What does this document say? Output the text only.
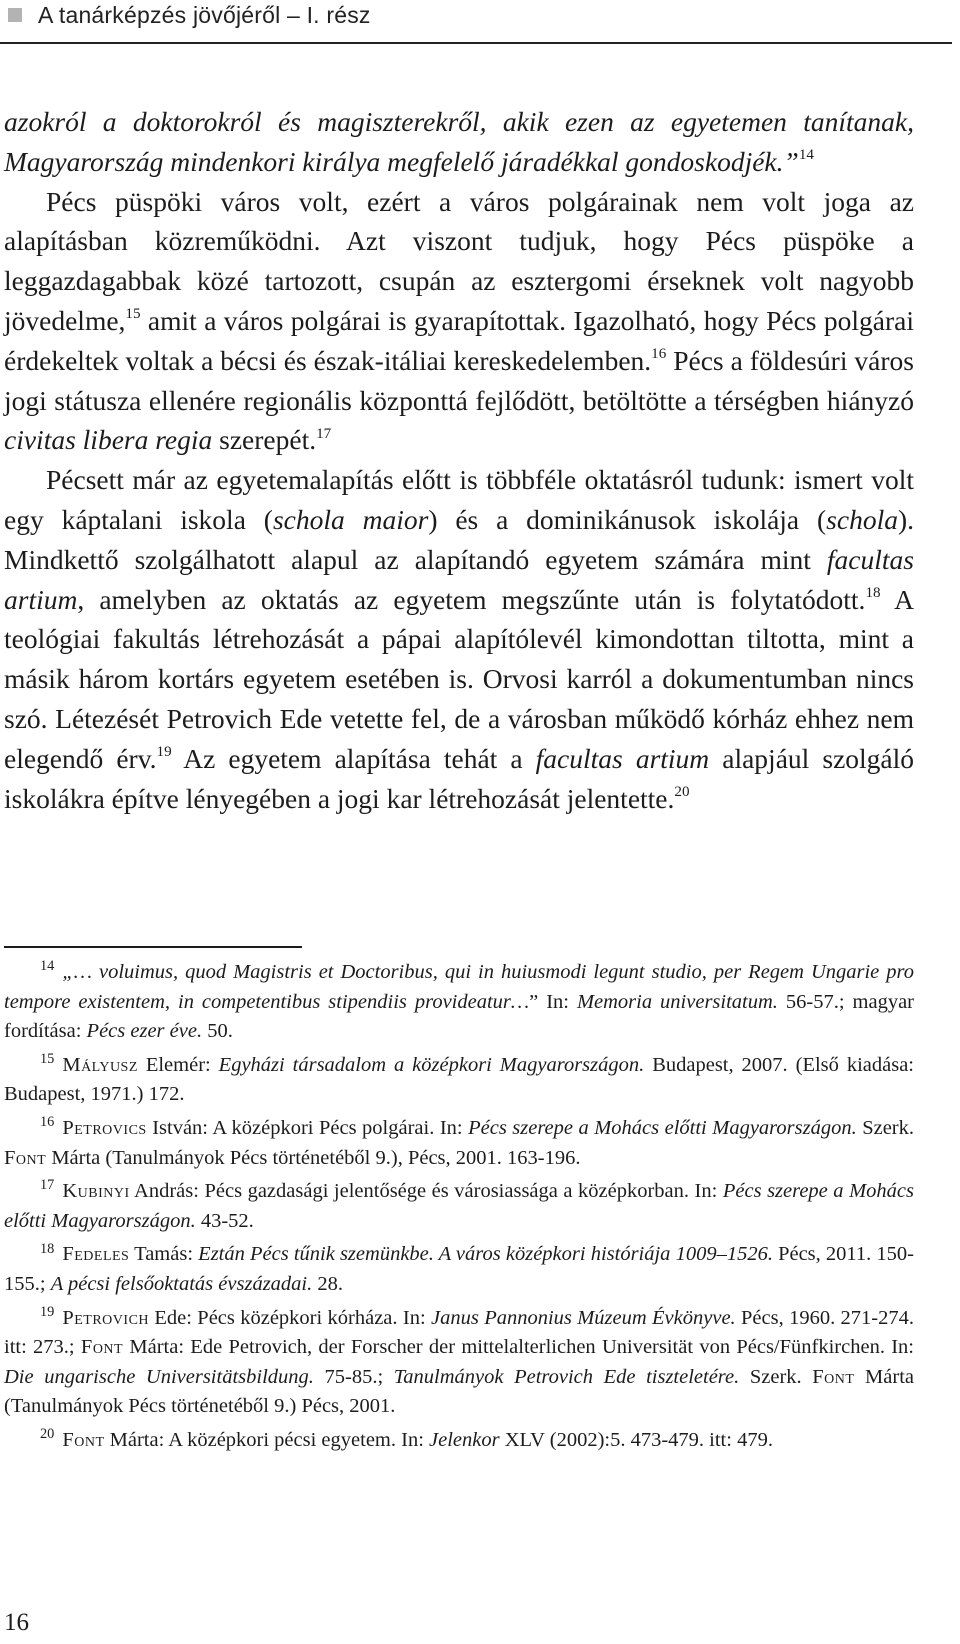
A tanárképzés jövőjéről – I. rész

azokról a doktorokról és magiszterekről, akik ezen az egyetemen tanítanak, Magyarország mindenkori királya megfelelő járadékkal gondoskodjék.”$^{14}$

Pécs püspöki város volt, ezért a város polgárainak nem volt joga az alapításban közreműködni. Azt viszont tudjuk, hogy Pécs püspöke a leggazdagabbak közé tartozott, csupán az esztergomi érseknek volt nagyobb jövedelme,$^{15}$ amit a város polgárai is gyarapítottak. Igazolható, hogy Pécs polgárai érdekeltek voltak a bécsi és észak-itáliai kereskedelemben.$^{16}$ Pécs a földesúri város jogi státusza ellenére regionális központtá fejlődött, betöltötte a térségben hiányzó civitas libera regia szerepét.$^{17}$

Pécsett már az egyetemalapítás előtt is többféle oktatásról tudunk: ismert volt egy káptalani iskola (schola maior) és a dominikánusok iskolája (schola). Mindkettő szolgálhatott alapul az alapítandó egyetem számára mint facultas artium, amelyben az oktatás az egyetem megszűnte után is folytatódott.$^{18}$ A teológiai fakultás létrehozását a pápai alapítólevél kimondottan tiltotta, mint a másik három kortárs egyetem esetében is. Orvosi karról a dokumentumban nincs szó. Létezését Petrovich Ede vetette fel, de a városban működő kórház ehhez nem elegendő érv.$^{19}$ Az egyetem alapítása tehát a facultas artium alapjául szolgáló iskolákra építve lényegében a jogi kar létrehozását jelentette.$^{20}$

$^{14}$ „… voluimus, quod Magistris et Doctoribus, qui in huiusmodi legunt studio, per Regem Ungarie pro tempore existentem, in competentibus stipendiis provideatur…” In: Memoria universitatum. 56-57.; magyar fordítása: Pécs ezer éve. 50.

$^{15}$ Mályusz Elemér: Egyházi társadalom a középkori Magyarországon. Budapest, 2007. (Első kiadása: Budapest, 1971.) 172.

$^{16}$ Petrovics István: A középkori Pécs polgárai. In: Pécs szerepe a Mohács előtti Magyarországon. Szerk. Font Márta (Tanulmányok Pécs történetéből 9.), Pécs, 2001. 163-196.

$^{17}$ Kubinyi András: Pécs gazdasági jelentősége és városiassága a középkorban. In: Pécs szerepe a Mohács előtti Magyarországon. 43-52.

$^{18}$ Fedeles Tamás: Eztán Pécs tűnik szemünkbe. A város középkori históriája 1009–1526. Pécs, 2011. 150-155.; A pécsi felsőoktatás évszázadai. 28.

$^{19}$ Petrovich Ede: Pécs középkori kórháza. In: Janus Pannonius Múzeum Évkönyve. Pécs, 1960. 271-274. itt: 273.; Font Márta: Ede Petrovich, der Forscher der mittelalterlichen Universität von Pécs/Fünfkirchen. In: Die ungarische Universitätsbildung. 75-85.; Tanulmányok Petrovich Ede tiszteletére. Szerk. Font Márta (Tanulmányok Pécs történetéből 9.) Pécs, 2001.

$^{20}$ Font Márta: A középkori pécsi egyetem. In: Jelenkor XLV (2002):5. 473-479. itt: 479.

16
